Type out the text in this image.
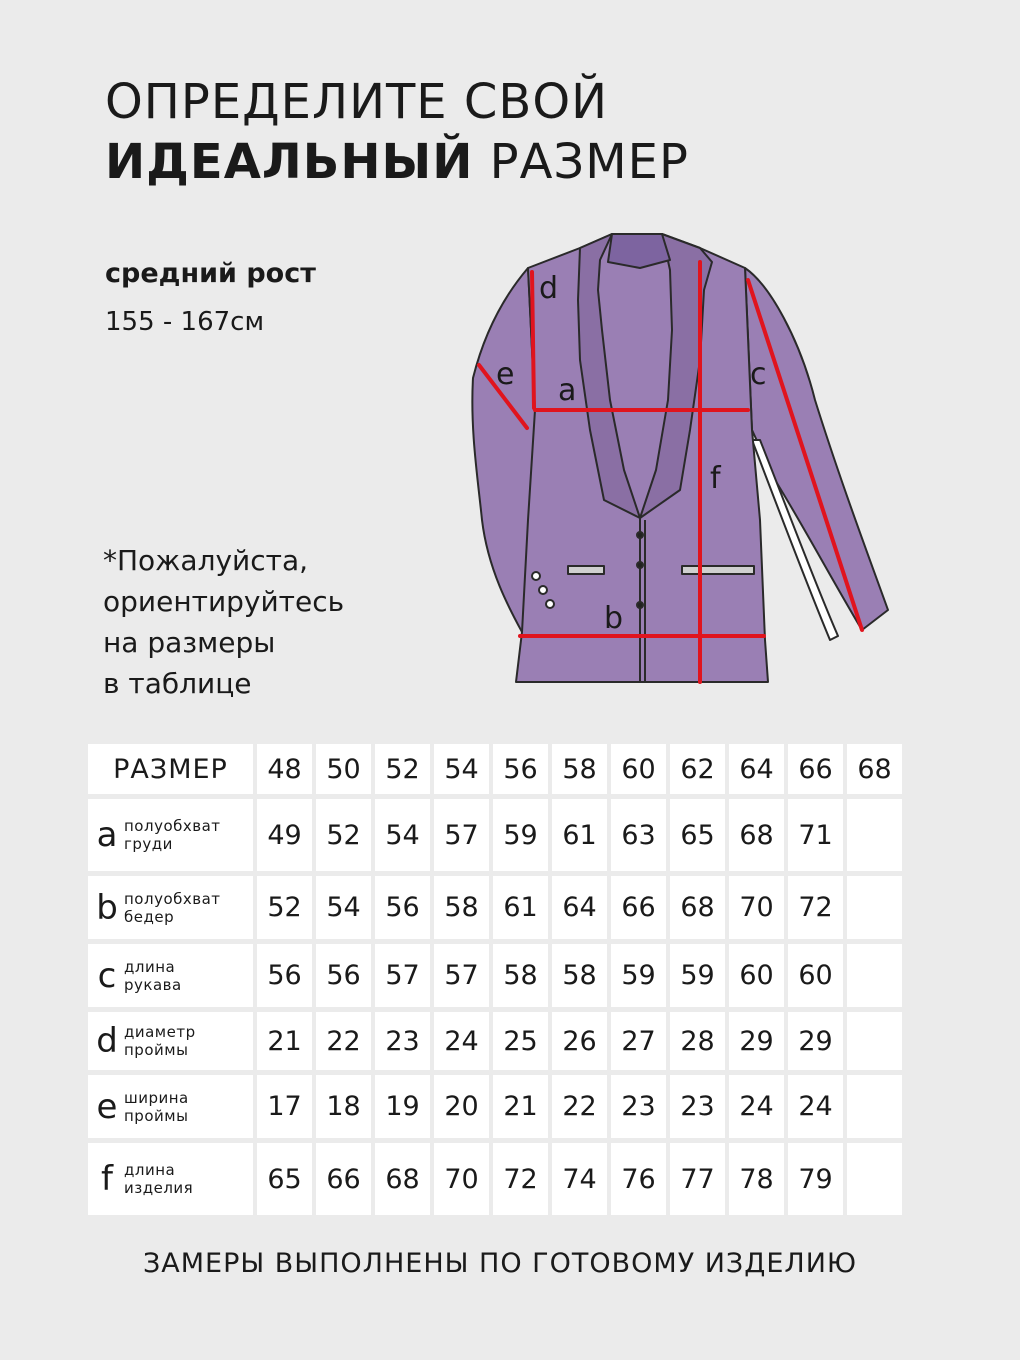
ОПРЕДЕЛИТЕ СВОЙ
ИДЕАЛЬНЫЙ РАЗМЕР
средний рост
155 - 167см
*Пожалуйста,
ориентируйтесь
на размеры
в таблице
a
b
c
d
e
f
РАЗМЕР	48 50 52 54 56 58 60 62 64 66 68
a полуобхват
груди	49 52 54 57 59 61 63 65 68 71
b полуобхват
бедер	52 54 56 58 61 64 66 68 70 72
c длина
рукава	56 56 57 57 58 58 59 59 60 60
d диаметр
проймы	21 22 23 24 25 26 27 28 29 29
e ширина
проймы	17 18 19 20 21 22 23 23 24 24
f длина
изделия	65 66 68 70 72 74 76 77 78 79
ЗАМЕРЫ ВЫПОЛНЕНЫ ПО ГОТОВОМУ ИЗДЕЛИЮ
